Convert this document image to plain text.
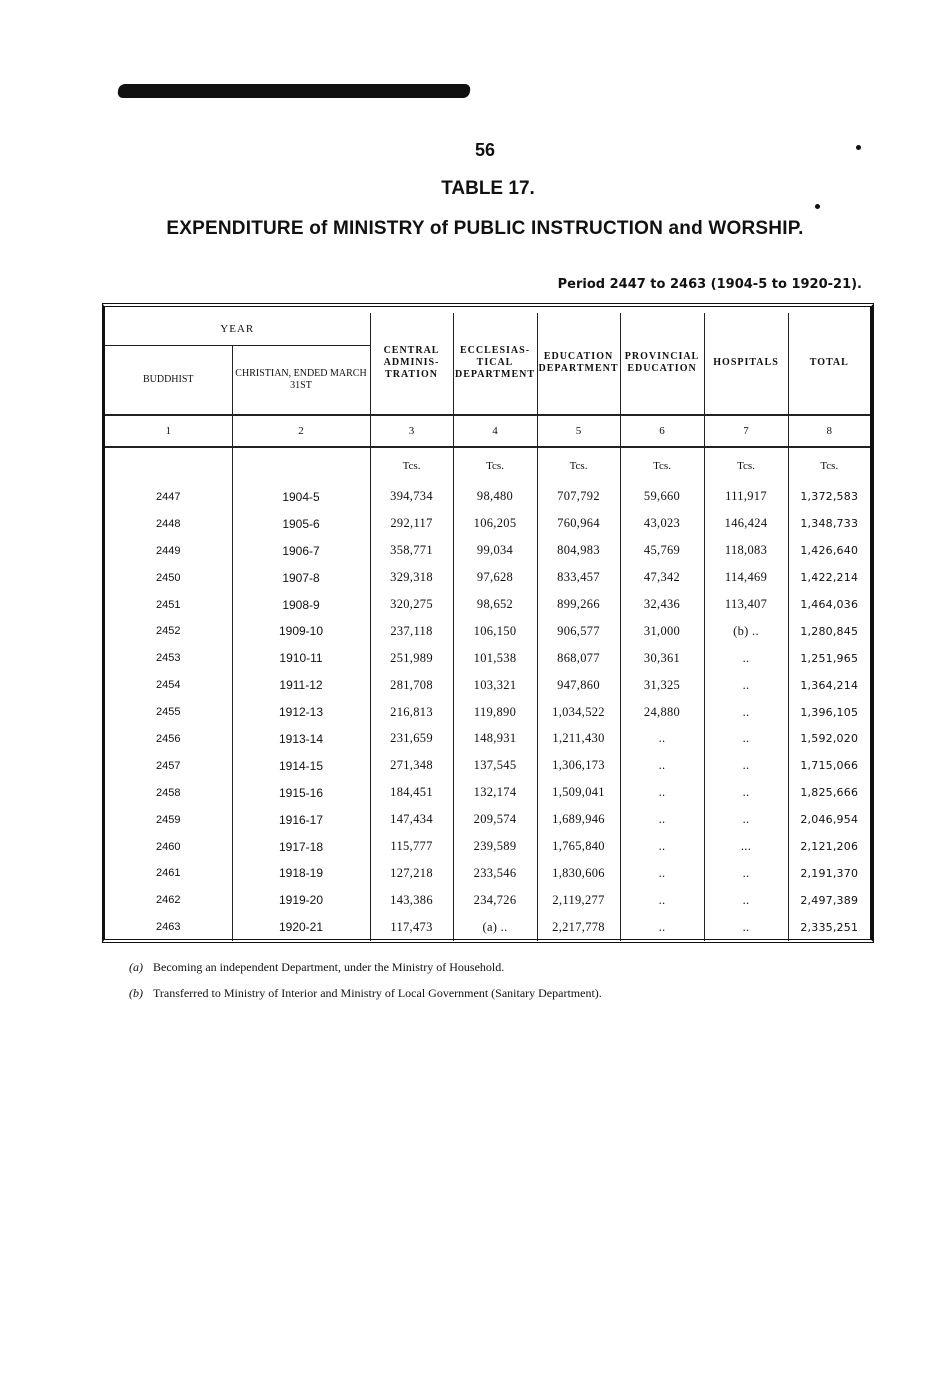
56
TABLE 17.
EXPENDITURE of MINISTRY of PUBLIC INSTRUCTION and WORSHIP.
Period 2447 to 2463 (1904-5 to 1920-21).
YEAR		CENTRAL ADMINIS-TRATION	ECCLESIAS-TICAL DEPARTMENT	EDUCATION DEPARTMENT	PROVINCIAL EDUCATION	HOSPITALS	TOTAL
BUDDHIST	CHRISTIAN, ENDED MARCH 31ST						
1	2	3	4	5	6	7	8
		Tcs.	Tcs.	Tcs.	Tcs.	Tcs.	Tcs.
2447	1904-5	394,734	98,480	707,792	59,660	111,917	1,372,583
2448	1905-6	292,117	106,205	760,964	43,023	146,424	1,348,733
2449	1906-7	358,771	99,034	804,983	45,769	118,083	1,426,640
2450	1907-8	329,318	97,628	833,457	47,342	114,469	1,422,214
2451	1908-9	320,275	98,652	899,266	32,436	113,407	1,464,036
2452	1909-10	237,118	106,150	906,577	31,000	(b) ..	1,280,845
2453	1910-11	251,989	101,538	868,077	30,361	..	1,251,965
2454	1911-12	281,708	103,321	947,860	31,325	..	1,364,214
2455	1912-13	216,813	119,890	1,034,522	24,880	..	1,396,105
2456	1913-14	231,659	148,931	1,211,430	..	..	1,592,020
2457	1914-15	271,348	137,545	1,306,173	..	..	1,715,066
2458	1915-16	184,451	132,174	1,509,041	..	..	1,825,666
2459	1916-17	147,434	209,574	1,689,946	..	..	2,046,954
2460	1917-18	115,777	239,589	1,765,840	..	...	2,121,206
2461	1918-19	127,218	233,546	1,830,606	..	..	2,191,370
2462	1919-20	143,386	234,726	2,119,277	..	..	2,497,389
2463	1920-21	117,473	(a) ..	2,217,778	..	..	2,335,251
(a) Becoming an independent Department, under the Ministry of Household.
(b) Transferred to Ministry of Interior and Ministry of Local Government (Sanitary Department).
